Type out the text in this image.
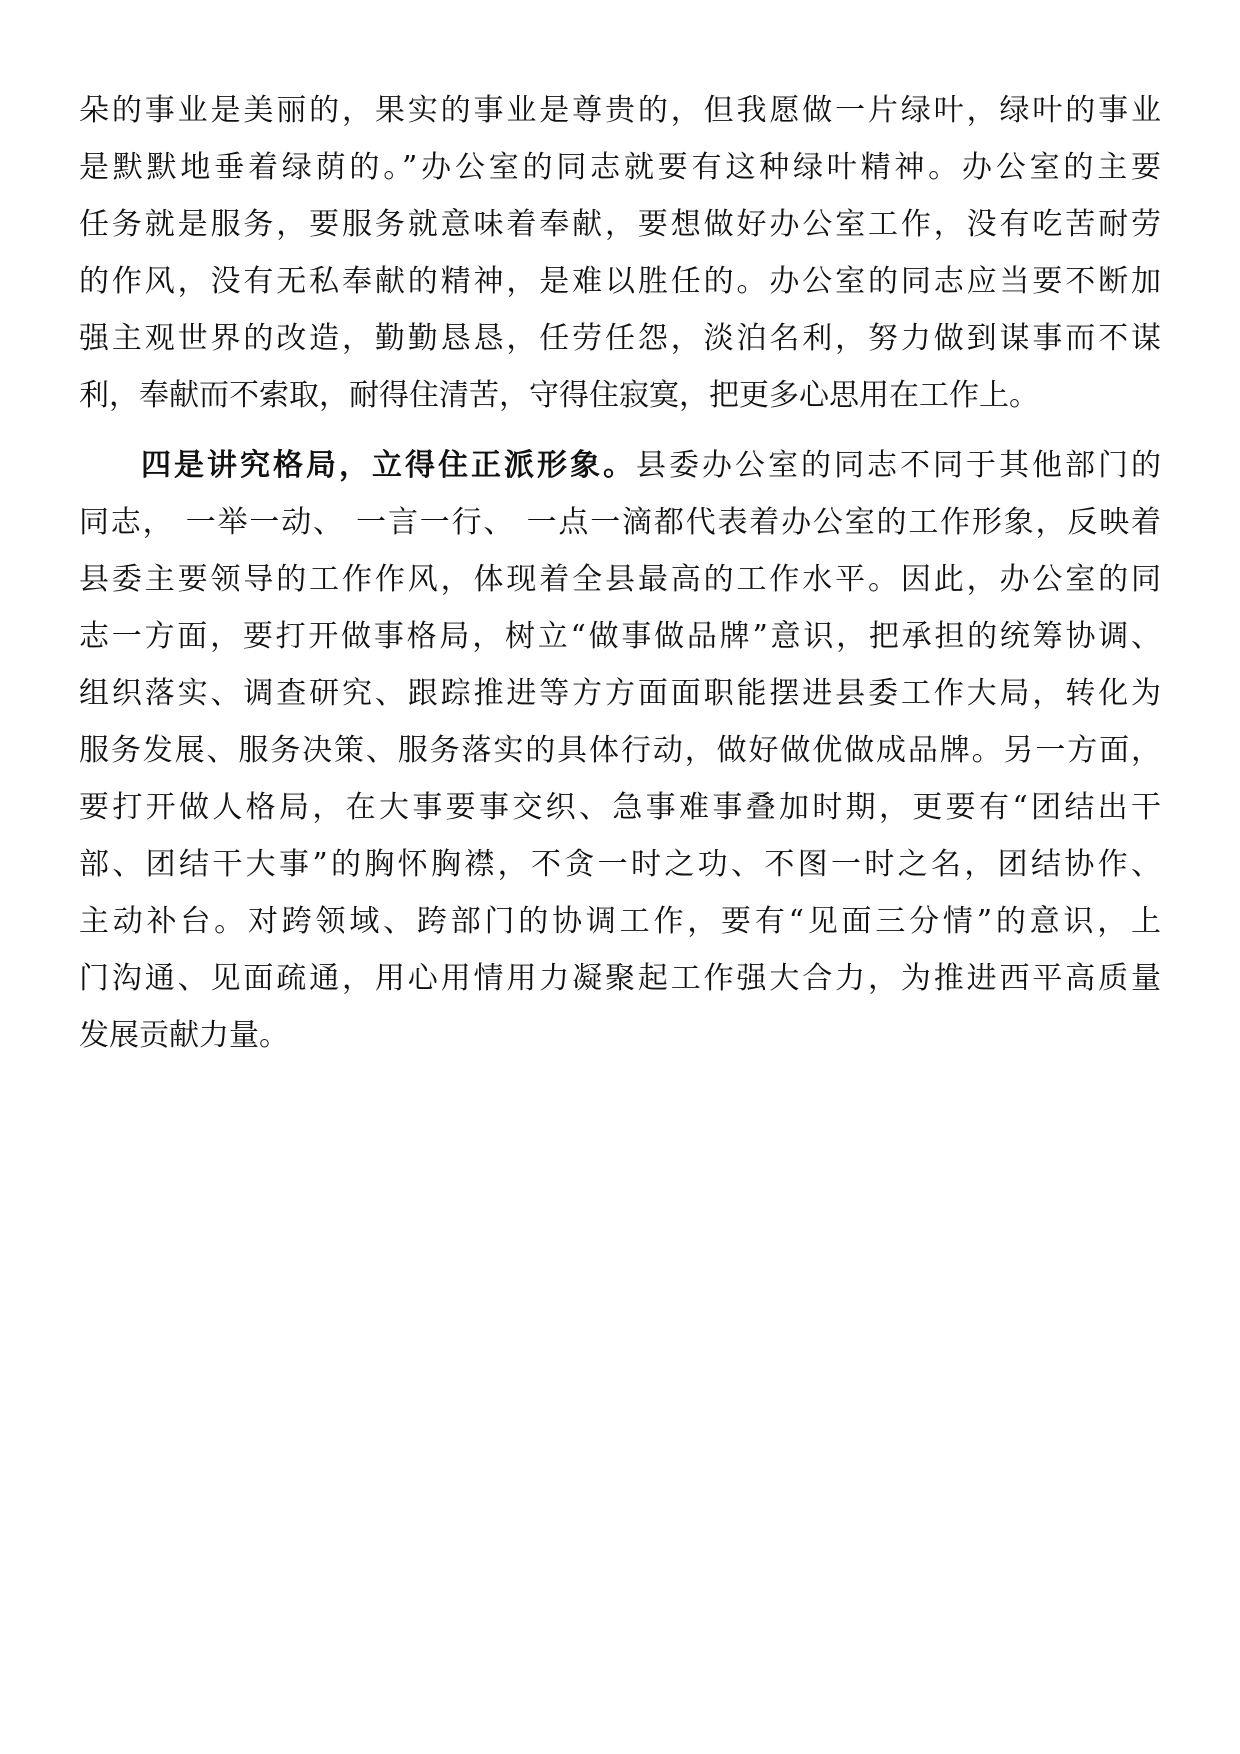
朵的事业是美丽的，果实的事业是尊贵的，但我愿做一片绿叶，绿叶的事业
是默默地垂着绿荫的。”办公室的同志就要有这种绿叶精神。办公室的主要
任务就是服务，要服务就意味着奉献，要想做好办公室工作，没有吃苦耐劳
的作风，没有无私奉献的精神，是难以胜任的。办公室的同志应当要不断加
强主观世界的改造，勤勤恳恳，任劳任怨，淡泊名利，努力做到谋事而不谋
利，奉献而不索取，耐得住清苦，守得住寂寞，把更多心思用在工作上。
四是讲究格局，立得住正派形象。县委办公室的同志不同于其他部门的
同志， 一举一动、 一言一行、 一点一滴都代表着办公室的工作形象，反映着
县委主要领导的工作作风，体现着全县最高的工作水平。因此，办公室的同
志一方面，要打开做事格局，树立“做事做品牌”意识，把承担的统筹协调、
组织落实、调查研究、跟踪推进等方方面面职能摆进县委工作大局，转化为
服务发展、服务决策、服务落实的具体行动，做好做优做成品牌。另一方面，
要打开做人格局，在大事要事交织、急事难事叠加时期，更要有“团结出干
部、团结干大事”的胸怀胸襟，不贪一时之功、不图一时之名，团结协作、
主动补台。对跨领域、跨部门的协调工作，要有“见面三分情”的意识，上
门沟通、见面疏通，用心用情用力凝聚起工作强大合力，为推进西平高质量
发展贡献力量。
